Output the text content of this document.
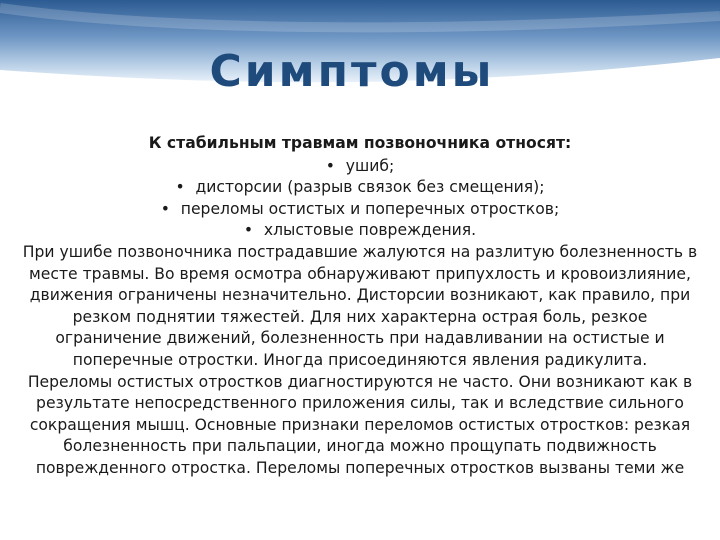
Симптомы
К стабильным травмам позвоночника относят:
• ушиб;
• дисторсии (разрыв связок без смещения);
• переломы остистых и поперечных отростков;
• хлыстовые повреждения.

При ушибе позвоночника пострадавшие жалуются на разлитую болезненность в месте травмы. Во время осмотра обнаруживают припухлость и кровоизлияние, движения ограничены незначительно. Дисторсии возникают, как правило, при резком поднятии тяжестей. Для них характерна острая боль, резкое ограничение движений, болезненность при надавливании на остистые и поперечные отростки. Иногда присоединяются явления радикулита.

Переломы остистых отростков диагностируются не часто. Они возникают как в результате непосредственного приложения силы, так и вследствие сильного сокращения мышц. Основные признаки переломов остистых отростков: резкая болезненность при пальпации, иногда можно прощупать подвижность поврежденного отростка. Переломы поперечных отростков вызваны теми же
